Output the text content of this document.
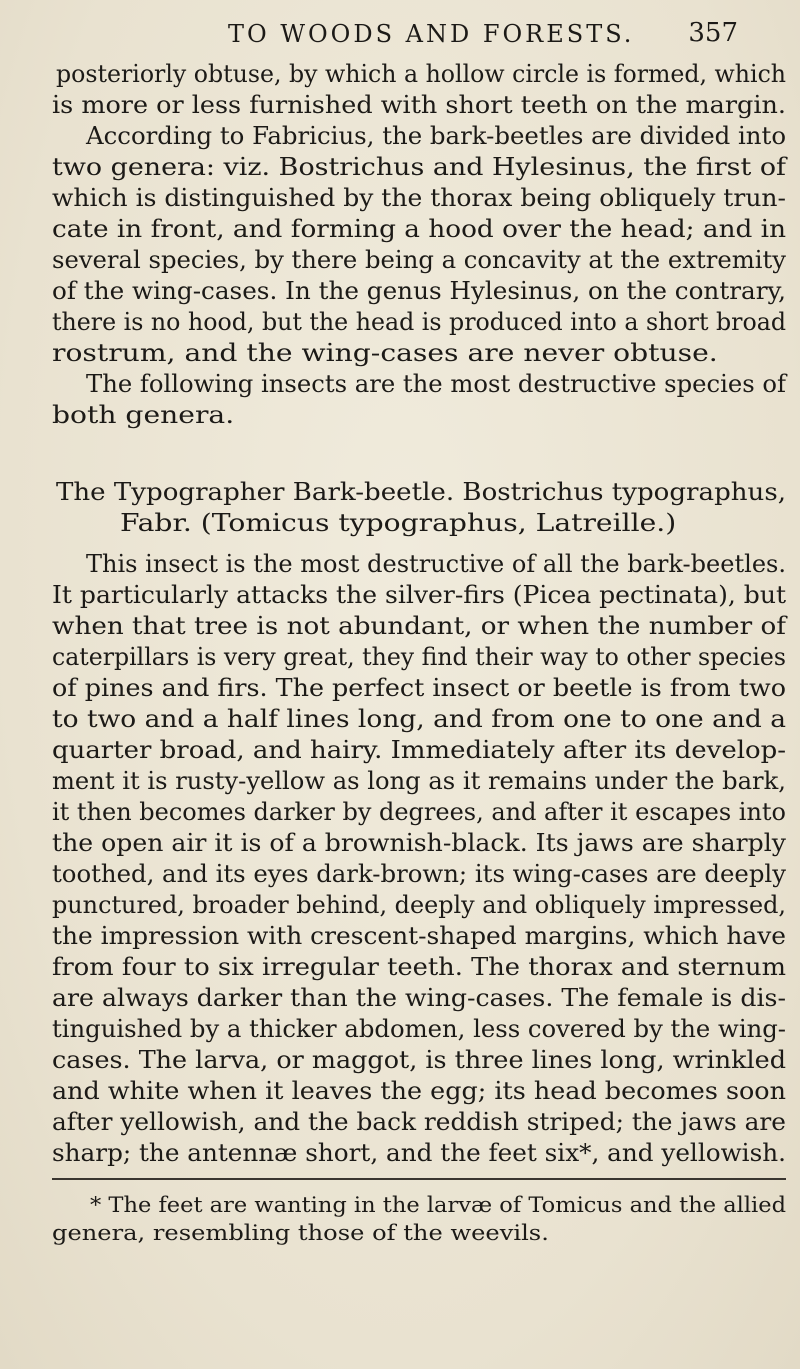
TO WOODS AND FORESTS. 357
posteriorly obtuse, by which a hollow circle is formed, which
is more or less furnished with short teeth on the margin.
According to Fabricius, the bark-beetles are divided into
two genera: viz. Bostrichus and Hylesinus, the first of
which is distinguished by the thorax being obliquely trun-
cate in front, and forming a hood over the head; and in
several species, by there being a concavity at the extremity
of the wing-cases. In the genus Hylesinus, on the contrary,
there is no hood, but the head is produced into a short broad
rostrum, and the wing-cases are never obtuse.
The following insects are the most destructive species of
both genera.
The Typographer Bark-beetle. Bostrichus typographus,
Fabr. (Tomicus typographus, Latreille.)
This insect is the most destructive of all the bark-beetles.
It particularly attacks the silver-firs (Picea pectinata), but
when that tree is not abundant, or when the number of
caterpillars is very great, they find their way to other species
of pines and firs. The perfect insect or beetle is from two
to two and a half lines long, and from one to one and a
quarter broad, and hairy. Immediately after its develop-
ment it is rusty-yellow as long as it remains under the bark,
it then becomes darker by degrees, and after it escapes into
the open air it is of a brownish-black. Its jaws are sharply
toothed, and its eyes dark-brown; its wing-cases are deeply
punctured, broader behind, deeply and obliquely impressed,
the impression with crescent-shaped margins, which have
from four to six irregular teeth. The thorax and sternum
are always darker than the wing-cases. The female is dis-
tinguished by a thicker abdomen, less covered by the wing-
cases. The larva, or maggot, is three lines long, wrinkled
and white when it leaves the egg; its head becomes soon
after yellowish, and the back reddish striped; the jaws are
sharp; the antennæ short, and the feet six*, and yellowish.
* The feet are wanting in the larvæ of Tomicus and the allied
genera, resembling those of the weevils.
